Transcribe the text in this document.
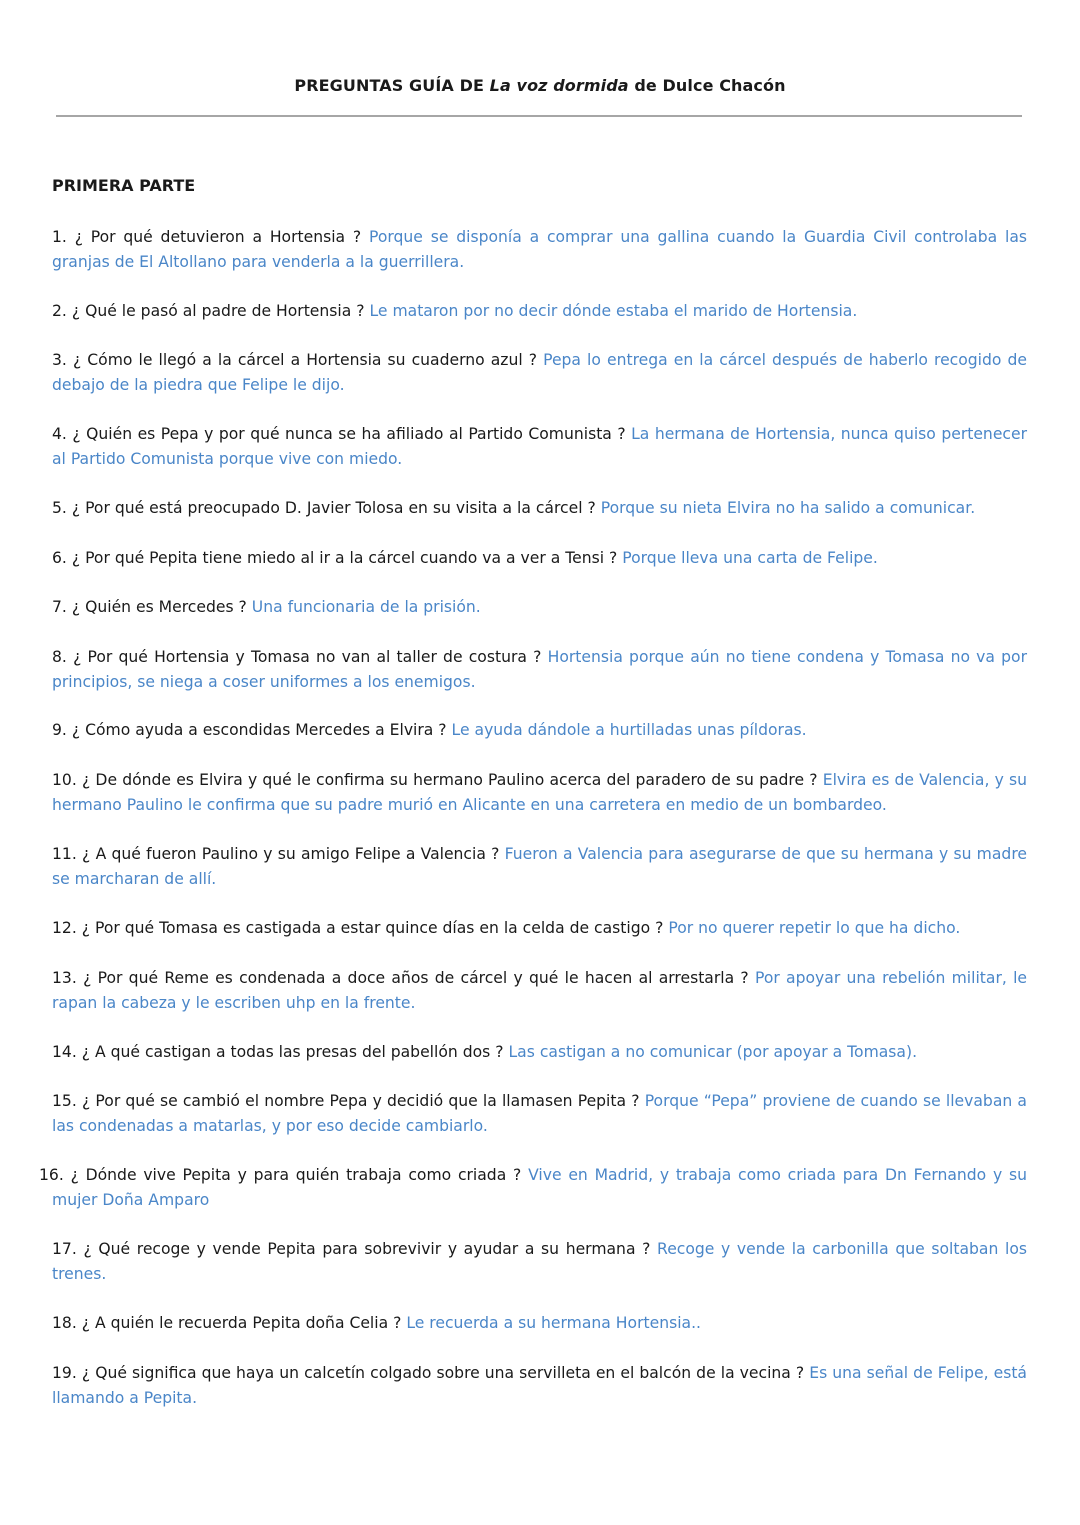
PREGUNTAS GUÍA DE La voz dormida de Dulce Chacón
PRIMERA PARTE
1. ¿ Por qué detuvieron a Hortensia ? Porque se disponía a comprar una gallina cuando la Guardia Civil controlaba las granjas de El Altollano para venderla a la guerrillera.
2. ¿ Qué le pasó al padre de Hortensia ? Le mataron por no decir dónde estaba el marido de Hortensia.
3. ¿ Cómo le llegó a la cárcel a Hortensia su cuaderno azul ? Pepa lo entrega en la cárcel después de haberlo recogido de debajo de la piedra que Felipe le dijo.
4. ¿ Quién es Pepa y por qué nunca se ha afiliado al Partido Comunista ? La hermana de Hortensia, nunca quiso pertenecer al Partido Comunista porque vive con miedo.
5. ¿ Por qué está preocupado D. Javier Tolosa en su visita a la cárcel ? Porque su nieta Elvira no ha salido a comunicar.
6. ¿ Por qué Pepita tiene miedo al ir a la cárcel cuando va a ver a Tensi ? Porque lleva una carta de Felipe.
7. ¿ Quién es Mercedes ? Una funcionaria de la prisión.
8. ¿ Por qué Hortensia y Tomasa no van al taller de costura ? Hortensia porque aún no tiene condena y Tomasa no va por principios, se niega a coser uniformes a los enemigos.
9. ¿ Cómo ayuda a escondidas Mercedes a Elvira ? Le ayuda dándole a hurtilladas unas píldoras.
10. ¿ De dónde es Elvira y qué le confirma su hermano Paulino acerca del paradero de su padre ? Elvira es de Valencia, y su hermano Paulino le confirma que su padre murió en Alicante en una carretera en medio de un bombardeo.
11. ¿ A qué fueron Paulino y su amigo Felipe a Valencia ? Fueron a Valencia para asegurarse de que su hermana y su madre se marcharan de allí.
12. ¿ Por qué Tomasa es castigada a estar quince días en la celda de castigo ? Por no querer repetir lo que ha dicho.
13. ¿ Por qué Reme es condenada a doce años de cárcel y qué le hacen al arrestarla ? Por apoyar una rebelión militar, le rapan la cabeza y le escriben uhp en la frente.
14. ¿ A qué castigan a todas las presas del pabellón dos ? Las castigan a no comunicar (por apoyar a Tomasa).
15. ¿ Por qué se cambió el nombre Pepa y decidió que la llamasen Pepita ? Porque “Pepa” proviene de cuando se llevaban a las condenadas a matarlas, y por eso decide cambiarlo.
16. ¿ Dónde vive Pepita y para quién trabaja como criada ? Vive en Madrid, y trabaja como criada para Dn Fernando y su mujer Doña Amparo
17. ¿ Qué recoge y vende Pepita para sobrevivir y ayudar a su hermana ? Recoge y vende la carbonilla que soltaban los trenes.
18. ¿ A quién le recuerda Pepita doña Celia ? Le recuerda a su hermana Hortensia..
19. ¿ Qué significa que haya un calcetín colgado sobre una servilleta en el balcón de la vecina ? Es una señal de Felipe, está llamando a Pepita.
